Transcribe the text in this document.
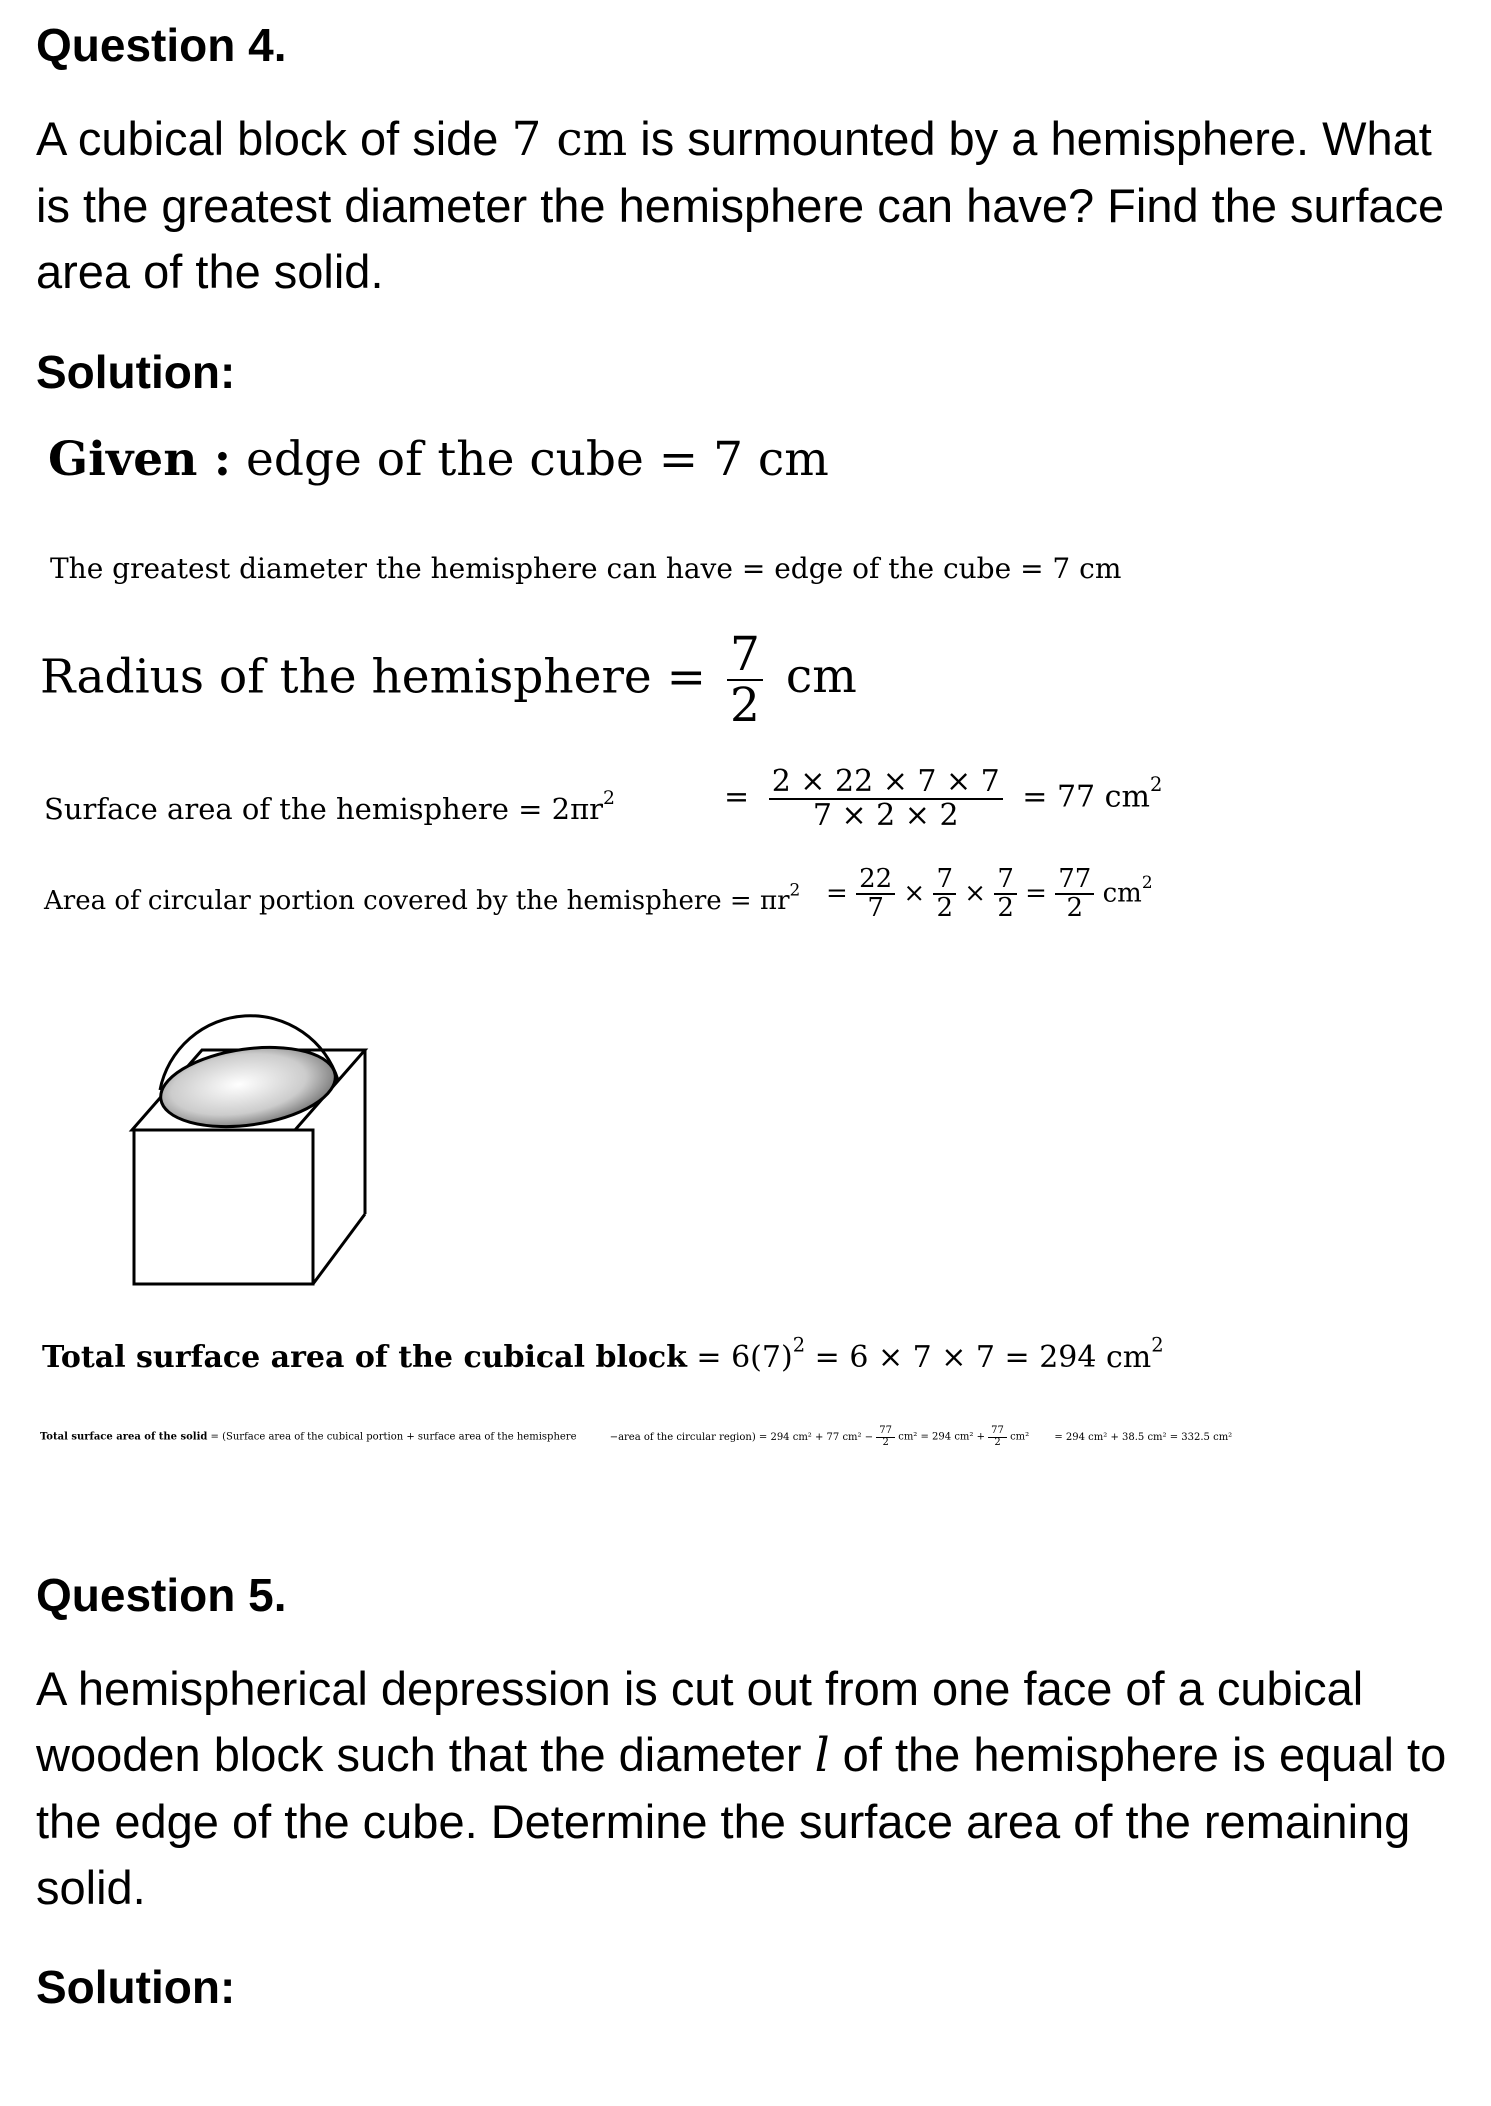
Question 4.
A cubical block of side 7 cm is surmounted by a hemisphere. What is the greatest diameter the hemisphere can have? Find the surface area of the solid.
Solution:
Given : edge of the cube = 7 cm
The greatest diameter the hemisphere can have = edge of the cube = 7 cm
Radius of the hemisphere = $\frac{7}{2}$ cm
Surface area of the hemisphere = $2\pi r^2$	= $\frac{2 \times 22 \times 7 \times 7}{7 \times 2 \times 2} = 77$ $cm^2$
Area of circular portion covered by the hemisphere = $\pi r^2 = \frac{22}{7} \times \frac{7}{2} \times \frac{7}{2} = \frac{77}{2} cm^2$
Total surface area of the cubical block = $6(7)^2 = 6 \times 7 \times 7 = 294$ $cm^2$
Total surface area of the solid = (Surface area of the cubical portion + surface area of the hemisphere	−area of the circular region) = 294 cm² + 77 $cm^2 - \frac{77}{2} cm^2 = 294$ $cm^2 + \frac{77}{2} cm^2$	= 294 cm² + 38.5 cm² = 332.5 cm²
Question 5.
A hemispherical depression is cut out from one face of a cubical wooden block such that the diameter l of the hemisphere is equal to the edge of the cube. Determine the surface area of the remaining solid.
Solution:
